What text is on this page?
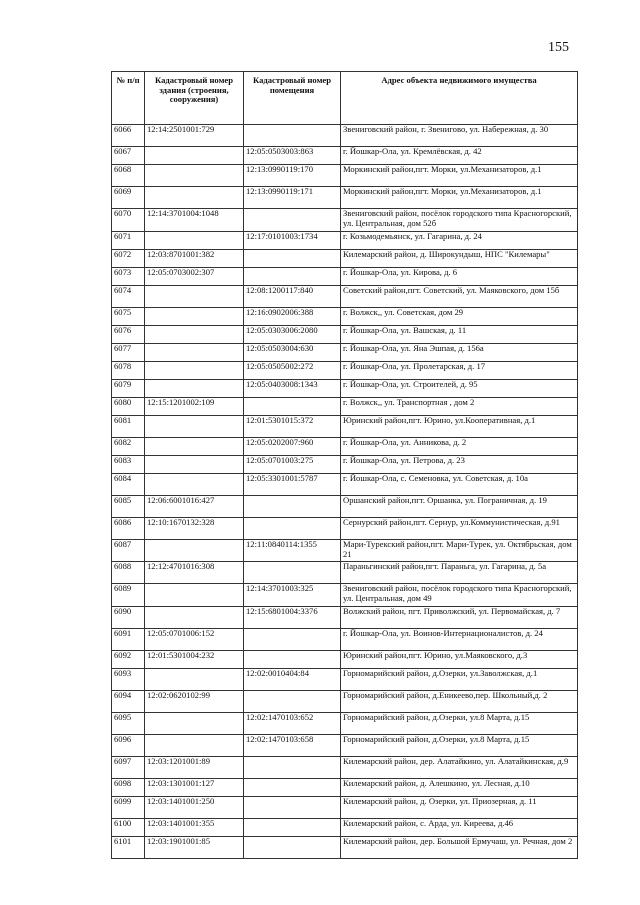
155
№ п/п	Кадастровый номер здания (строения, сооружения)	Кадастровый номер помещения	Адрес объекта недвижимого имущества
6066	12:14:2501001:729		Звениговский район, г. Звенигово, ул. Набережная, д. 30
6067		12:05:0503003:863	г. Йошкар-Ола, ул. Кремлёвская, д. 42
6068		12:13:0990119:170	Моркинский район,пгт. Морки, ул.Механизаторов, д.1
6069		12:13:0990119:171	Моркинский район,пгт. Морки, ул.Механизаторов, д.1
6070	12:14:3701004:1048		Звениговский район, посёлок городского типа Красногорский, ул. Центральная, дом 52б
6071		12:17:0101003:1734	г. Козьмодемьянск, ул. Гагарина, д. 24
6072	12:03:8701001:382		Килемарский район, д. Широкундыш, НПС "Килемары"
6073	12:05:0703002:307		г. Йошкар-Ола, ул. Кирова, д. 6
6074		12:08:1200117:840	Советский район,пгт. Советский, ул. Маяковского, дом 15б
6075		12:16:0902006:388	г. Волжск,, ул. Советская, дом 29
6076		12:05:0303006:2080	г. Йошкар-Ола, ул. Вашская, д. 11
6077		12:05:0503004:630	г. Йошкар-Ола, ул. Яна Эшпая, д. 156а
6078		12:05:0505002:272	г. Йошкар-Ола, ул. Пролетарская, д. 17
6079		12:05:0403008:1343	г. Йошкар-Ола, ул. Строителей, д. 95
6080	12:15:1201002:109		г. Волжск,, ул. Транспортная , дом 2
6081		12:01:5301015:372	Юринский район,пгт. Юрино, ул.Кооперативная, д.1
6082		12:05:0202007:960	г. Йошкар-Ола, ул. Анникова, д. 2
6083		12:05:0701003:275	г. Йошкар-Ола, ул. Петрова, д. 23
6084		12:05:3301001:5787	г. Йошкар-Ола, с. Семеновка, ул. Советская, д. 10а
6085	12:06:6001016:427		Оршанский район,пгт. Оршанка, ул. Пограничная, д. 19
6086	12:10:1670132:328		Сернурский район,пгт. Сернур, ул.Коммунистическая, д.91
6087		12:11:0840114:1355	Мари-Турекский район,пгт. Мари-Турек, ул. Октябрьская, дом 21
6088	12:12:4701016:308		Параньгинский район,пгт. Параньга, ул. Гагарина, д. 5а
6089		12:14:3701003:325	Звениговский район, посёлок городского типа Красногорский, ул. Центральная, дом 49
6090		12:15:6801004:3376	Волжский район, пгт. Приволжский, ул. Первомайская, д. 7
6091	12:05:0701006:152		г. Йошкар-Ола, ул. Воинов-Интернационалистов, д. 24
6092	12:01:5301004:232		Юринский район,пгт. Юрино, ул.Маяковского, д.3
6093		12:02:0010404:84	Горномарийский район, д.Озерки, ул.Заволжская, д.1
6094	12:02:0620102:99		Горномарийский район, д.Еникеево,пер. Школьный,д. 2
6095		12:02:1470103:652	Горномарийский район, д.Озерки, ул.8 Марта, д.15
6096		12:02:1470103:658	Горномарийский район, д.Озерки, ул.8 Марта, д.15
6097	12:03:1201001:89		Килемарский район, дер. Алатайкино, ул. Алатайкинская, д.9
6098	12:03:1301001:127		Килемарский район, д. Алешкино, ул. Лесная, д.10
6099	12:03:1401001:250		Килемарский район, д. Озерки, ул. Приозерная, д. 11
6100	12:03:1401001:355		Килемарский район, с. Арда, ул. Киреева, д.46
6101	12:03:1901001:85		Килемарский район, дер. Большой Ермучаш, ул. Речная, дом 2
